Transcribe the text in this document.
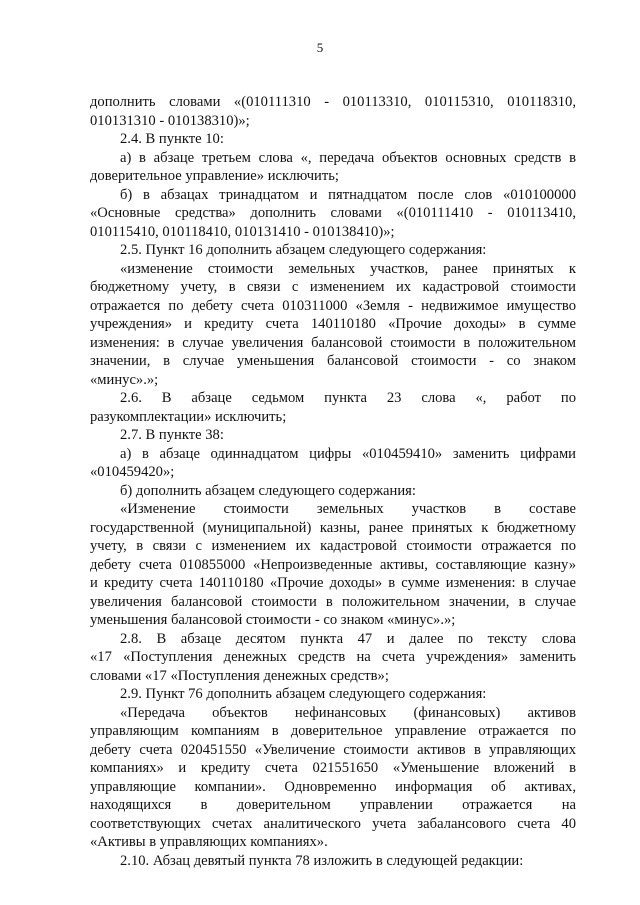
5
дополнить словами «(010111310 - 010113310, 010115310, 010118310,
010131310 - 010138310)»;
2.4. В пункте 10:
а) в абзаце третьем слова «, передача объектов основных средств в
доверительное управление» исключить;
б) в абзацах тринадцатом и пятнадцатом после слов «010100000
«Основные средства» дополнить словами «(010111410 - 010113410,
010115410, 010118410, 010131410 - 010138410)»;
2.5. Пункт 16 дополнить абзацем следующего содержания:
«изменение стоимости земельных участков, ранее принятых к
бюджетному учету, в связи с изменением их кадастровой стоимости
отражается по дебету счета 010311000 «Земля - недвижимое имущество
учреждения» и кредиту счета 140110180 «Прочие доходы» в сумме
изменения: в случае увеличения балансовой стоимости в положительном
значении, в случае уменьшения балансовой стоимости - со знаком
«минус».»;
2.6. В абзаце седьмом пункта 23 слова «, работ по
разукомплектации» исключить;
2.7. В пункте 38:
а) в абзаце одиннадцатом цифры «010459410» заменить цифрами
«010459420»;
б) дополнить абзацем следующего содержания:
«Изменение стоимости земельных участков в составе
государственной (муниципальной) казны, ранее принятых к бюджетному
учету, в связи с изменением их кадастровой стоимости отражается по
дебету счета 010855000 «Непроизведенные активы, составляющие казну»
и кредиту счета 140110180 «Прочие доходы» в сумме изменения: в случае
увеличения балансовой стоимости в положительном значении, в случае
уменьшения балансовой стоимости - со знаком «минус».»;
2.8. В абзаце десятом пункта 47 и далее по тексту слова
«17 «Поступления денежных средств на счета учреждения» заменить
словами «17 «Поступления денежных средств»;
2.9. Пункт 76 дополнить абзацем следующего содержания:
«Передача объектов нефинансовых (финансовых) активов
управляющим компаниям в доверительное управление отражается по
дебету счета 020451550 «Увеличение стоимости активов в управляющих
компаниях» и кредиту счета 021551650 «Уменьшение вложений в
управляющие компании». Одновременно информация об активах,
находящихся в доверительном управлении отражается на
соответствующих счетах аналитического учета забалансового счета 40
«Активы в управляющих компаниях».
2.10. Абзац девятый пункта 78 изложить в следующей редакции:
